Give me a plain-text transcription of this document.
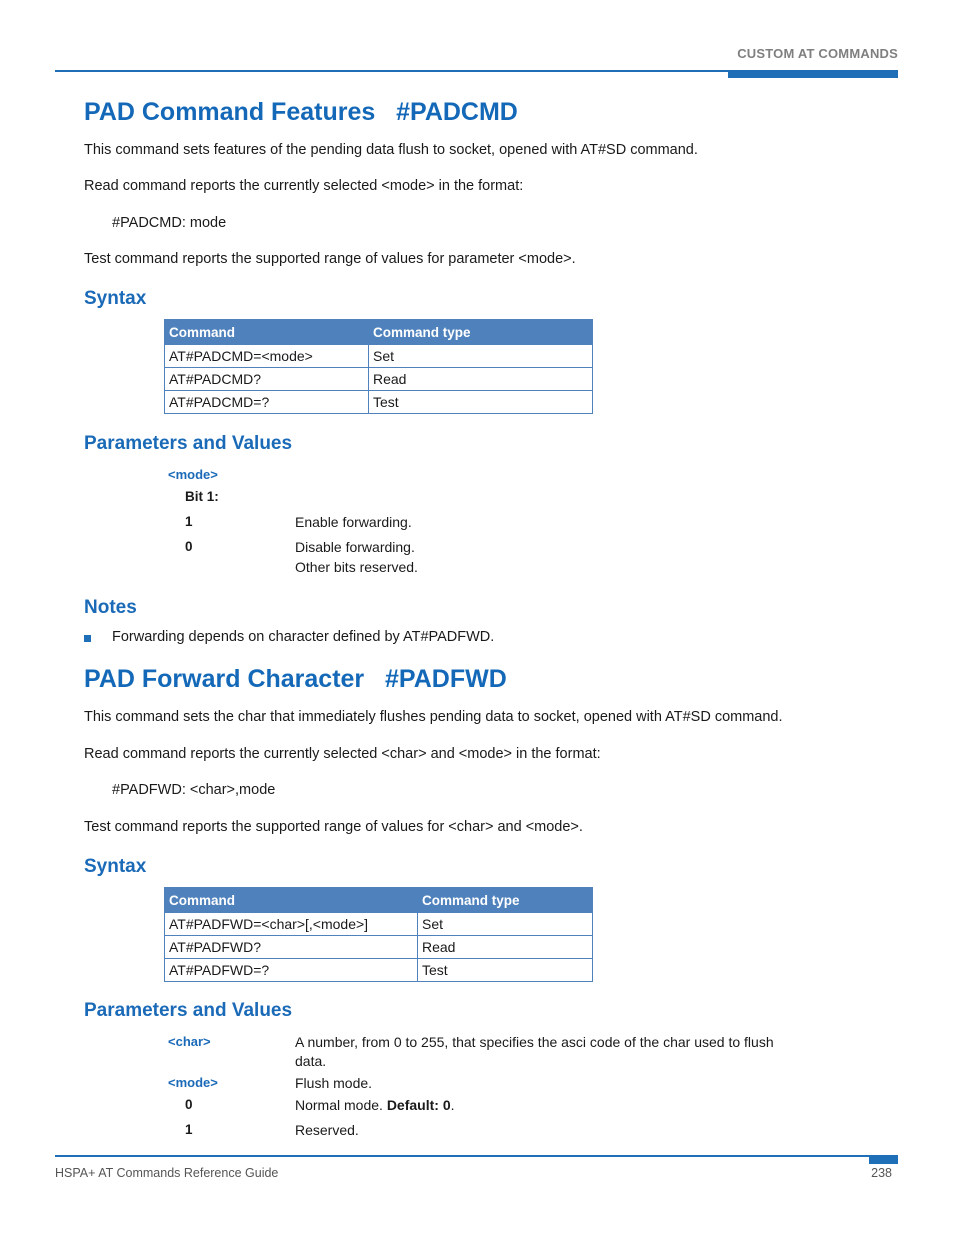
CUSTOM AT COMMANDS
PAD Command Features   #PADCMD

This command sets features of the pending data flush to socket, opened with AT#SD command.

Read command reports the currently selected <mode> in the format:

#PADCMD: mode

Test command reports the supported range of values for parameter <mode>.

Syntax
Command	Command type
AT#PADCMD=<mode>	Set
AT#PADCMD?	Read
AT#PADCMD=?	Test
Parameters and Values
<mode>
Bit 1:
1	Enable forwarding.
0	Disable forwarding.
Other bits reserved.
Notes

Forwarding depends on character defined by AT#PADFWD.

PAD Forward Character   #PADFWD

This command sets the char that immediately flushes pending data to socket, opened with AT#SD command.

Read command reports the currently selected <char> and <mode> in the format:

#PADFWD: <char>,mode

Test command reports the supported range of values for <char> and <mode>.

Syntax
Command	Command type
AT#PADFWD=<char>[,<mode>]	Set
AT#PADFWD?	Read
AT#PADFWD=?	Test
Parameters and Values
<char>	A number, from 0 to 255, that specifies the asci code of the char used to flush
data.
<mode>	Flush mode.
0	Normal mode. Default: 0.
1	Reserved.
HSPA+ AT Commands Reference Guide	238
